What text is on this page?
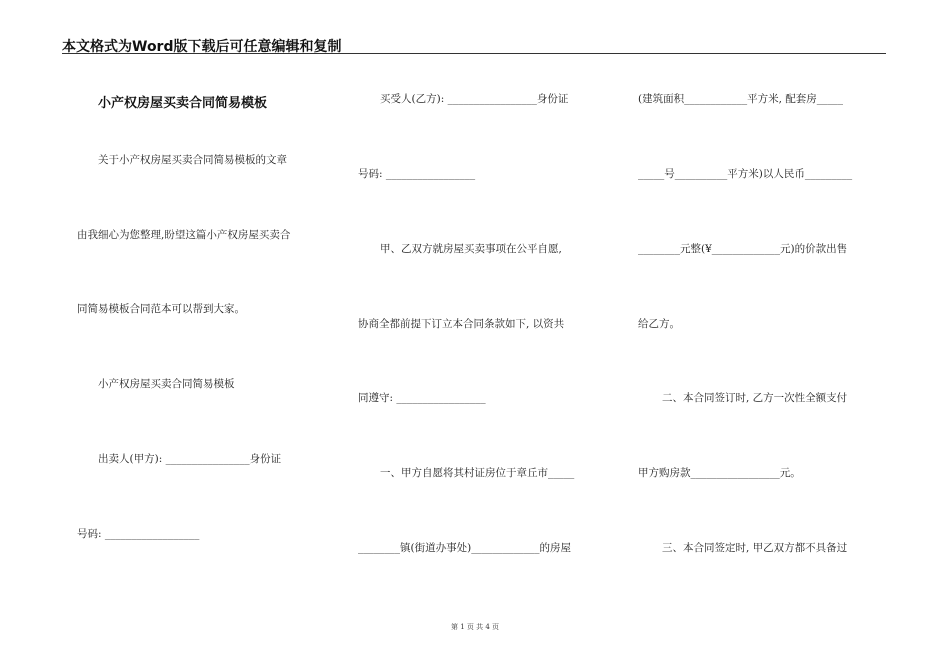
本文格式为Word版下载后可任意编辑和复制
小产权房屋买卖合同简易模板
关于小产权房屋买卖合同简易模板的文章
由我细心为您整理,盼望这篇小产权房屋买卖合
同简易模板合同范本可以帮到大家。
小产权房屋买卖合同简易模板
出卖人(甲方): ________________身份证
号码: __________________
买受人(乙方): _________________身份证
号码: _________________
甲、乙双方就房屋买卖事项在公平自愿,
协商全都前提下订立本合同条款如下, 以资共
同遵守: _________________
一、甲方自愿将其村证房位于章丘市_____
________镇(街道办事处)_____________的房屋
(建筑面积____________平方米, 配套房_____
_____号__________平方米)以人民币_________
________元整(¥_____________元)的价款出售
给乙方。
二、本合同签订时, 乙方一次性全额支付
甲方购房款_________________元。
三、本合同签定时, 甲乙双方都不具备过
第 1 页 共 4 页
